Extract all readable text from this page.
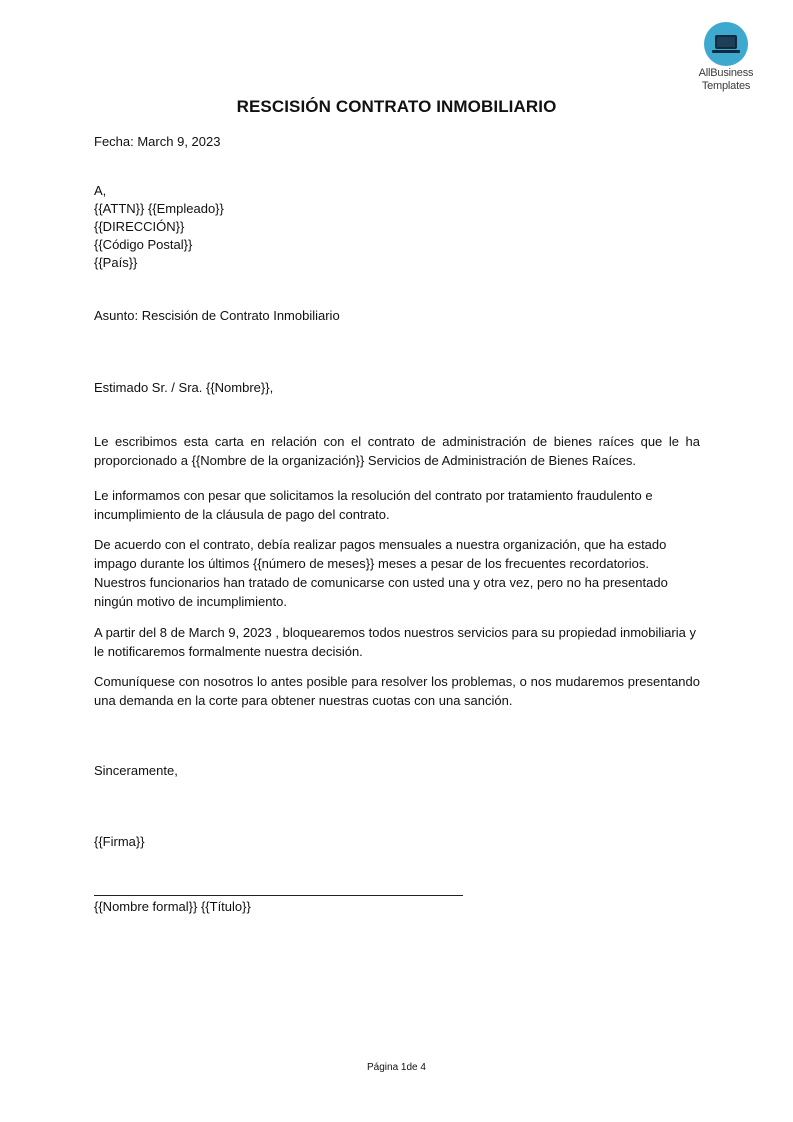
AllBusiness
Templates
RESCISIÓN CONTRATO INMOBILIARIO
Fecha: March 9, 2023
A,
{{ATTN}} {{Empleado}}
{{DIRECCIÓN}}
{{Código Postal}}
{{País}}
Asunto: Rescisión de Contrato Inmobiliario
Estimado Sr. / Sra. {{Nombre}},
Le escribimos esta carta en relación con el contrato de administración de bienes raíces que le ha proporcionado a {{Nombre de la organización}} Servicios de Administración de Bienes Raíces.
Le informamos con pesar que solicitamos la resolución del contrato por tratamiento fraudulento e incumplimiento de la cláusula de pago del contrato.
De acuerdo con el contrato, debía realizar pagos mensuales a nuestra organización, que ha estado impago durante los últimos {{número de meses}} meses a pesar de los frecuentes recordatorios. Nuestros funcionarios han tratado de comunicarse con usted una y otra vez, pero no ha presentado ningún motivo de incumplimiento.
A partir del 8 de March 9, 2023 , bloquearemos todos nuestros servicios para su propiedad inmobiliaria y le notificaremos formalmente nuestra decisión.
Comuníquese con nosotros lo antes posible para resolver los problemas, o nos mudaremos presentando una demanda en la corte para obtener nuestras cuotas con una sanción.
Sinceramente,
{{Firma}}
{{Nombre formal}} {{Título}}
Página 1de 4
